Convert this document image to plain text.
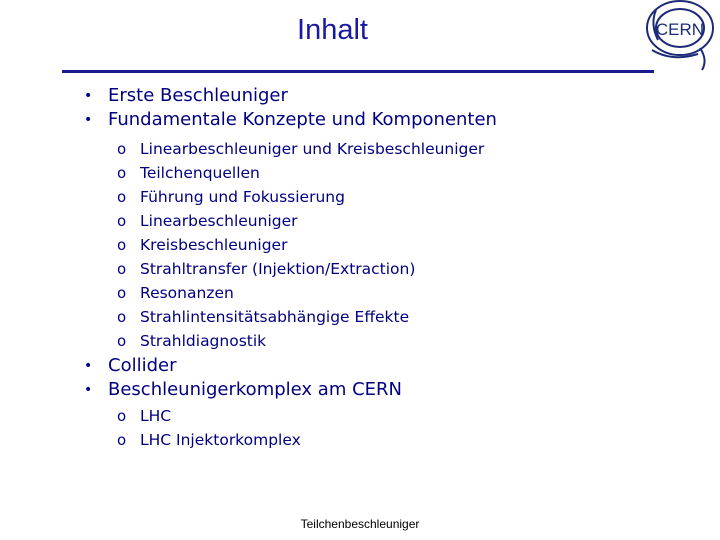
Inhalt	CERN
• Erste Beschleuniger
• Fundamentale Konzepte und Komponenten
o Linearbeschleuniger und Kreisbeschleuniger
o Teilchenquellen
o Führung und Fokussierung
o Linearbeschleuniger
o Kreisbeschleuniger
o Strahltransfer (Injektion/Extraction)
o Resonanzen
o Strahlintensitätsabhängige Effekte
o Strahldiagnostik
• Collider
• Beschleunigerkomplex am CERN
o LHC
o LHC Injektorkomplex
Teilchenbeschleuniger
